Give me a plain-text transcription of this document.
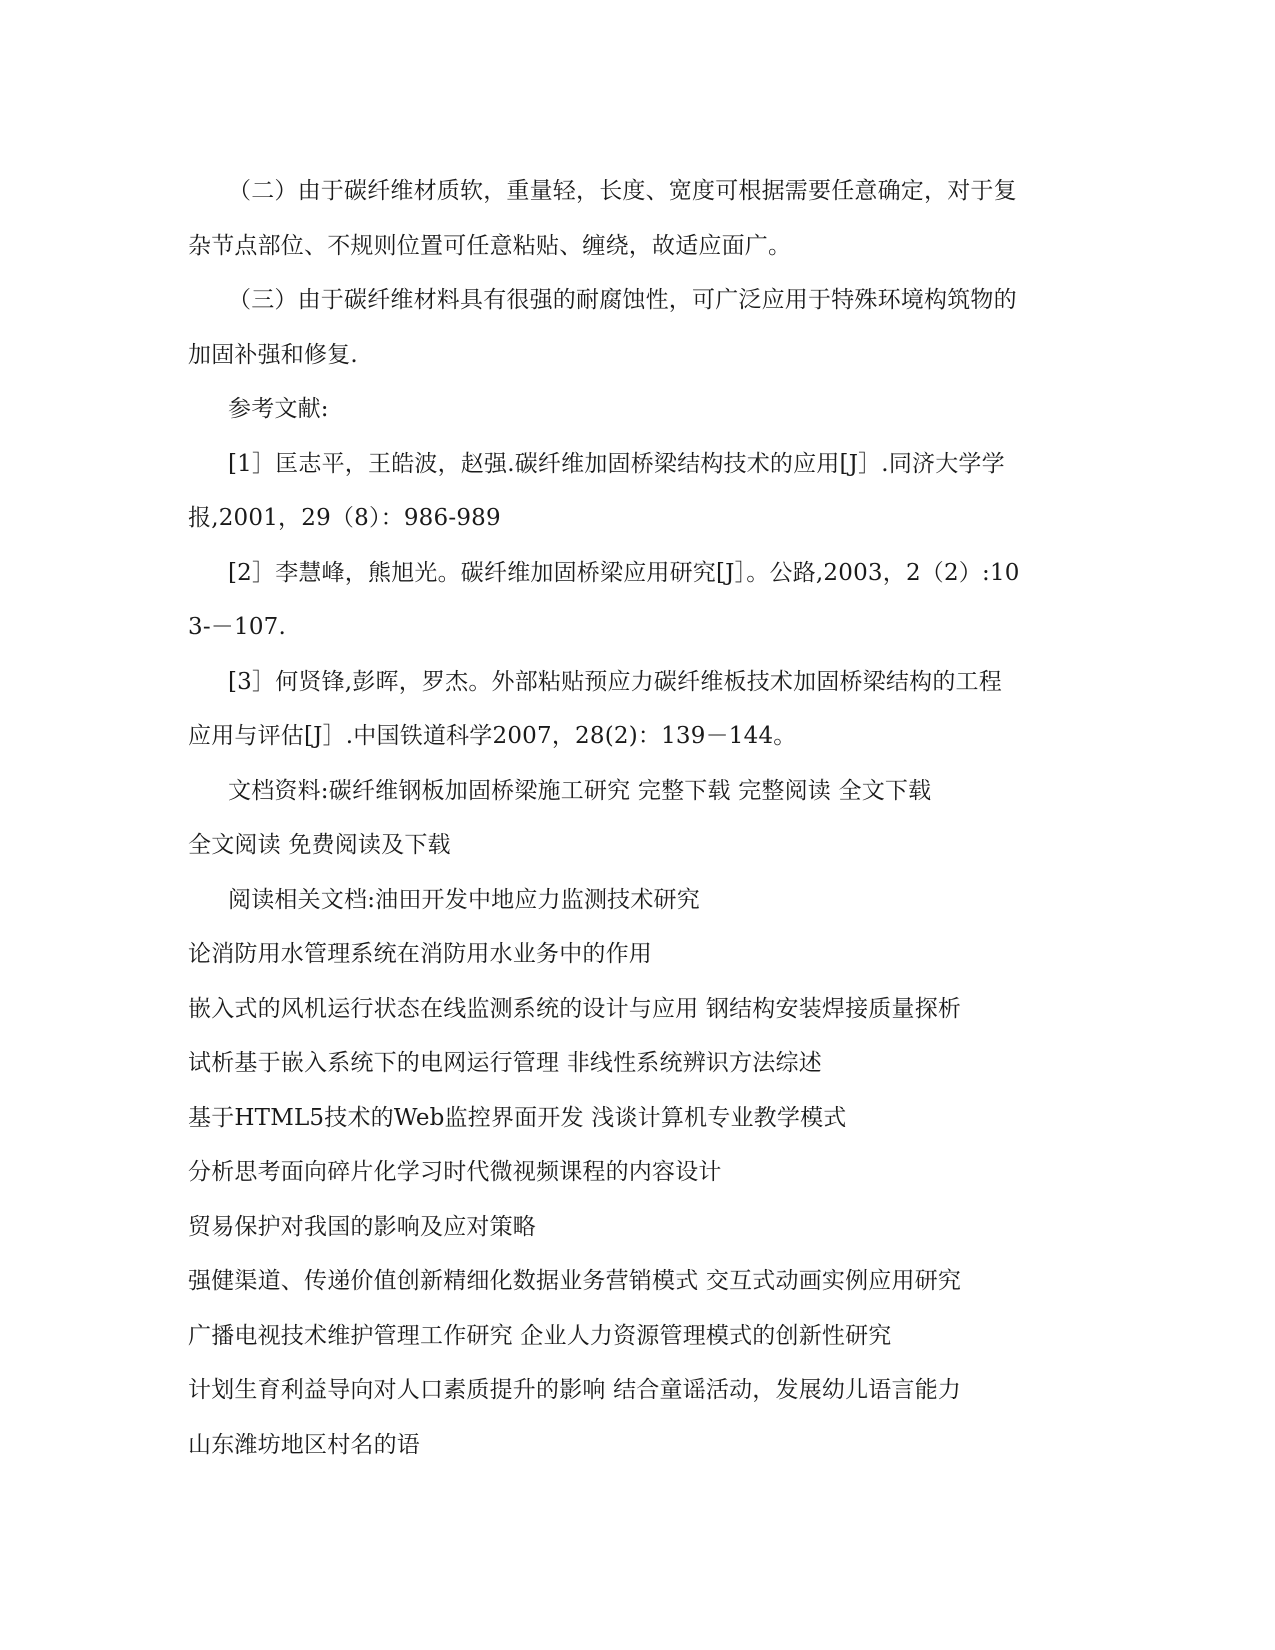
（二）由于碳纤维材质软，重量轻，长度、宽度可根据需要任意确定，对于复
杂节点部位、不规则位置可任意粘贴、缠绕，故适应面广。
（三）由于碳纤维材料具有很强的耐腐蚀性，可广泛应用于特殊环境构筑物的
加固补强和修复.
参考文献:
[1］匡志平，王皓波，赵强.碳纤维加固桥梁结构技术的应用[J］.同济大学学
报,2001，29（8）：986-989
[2］李慧峰，熊旭光。碳纤维加固桥梁应用研究[J］。公路,2003，2（2）:10
3-－107.
[3］何贤锋,彭晖，罗杰。外部粘贴预应力碳纤维板技术加固桥梁结构的工程
应用与评估[J］.中国铁道科学2007，28(2)：139－144。
文档资料:碳纤维钢板加固桥梁施工研究 完整下载 完整阅读 全文下载
全文阅读 免费阅读及下载
阅读相关文档:油田开发中地应力监测技术研究
论消防用水管理系统在消防用水业务中的作用
嵌入式的风机运行状态在线监测系统的设计与应用 钢结构安装焊接质量探析
试析基于嵌入系统下的电网运行管理 非线性系统辨识方法综述
基于HTML5技术的Web监控界面开发 浅谈计算机专业教学模式
分析思考面向碎片化学习时代微视频课程的内容设计
贸易保护对我国的影响及应对策略
强健渠道、传递价值创新精细化数据业务营销模式 交互式动画实例应用研究
广播电视技术维护管理工作研究 企业人力资源管理模式的创新性研究
计划生育利益导向对人口素质提升的影响 结合童谣活动，发展幼儿语言能力
山东潍坊地区村名的语
